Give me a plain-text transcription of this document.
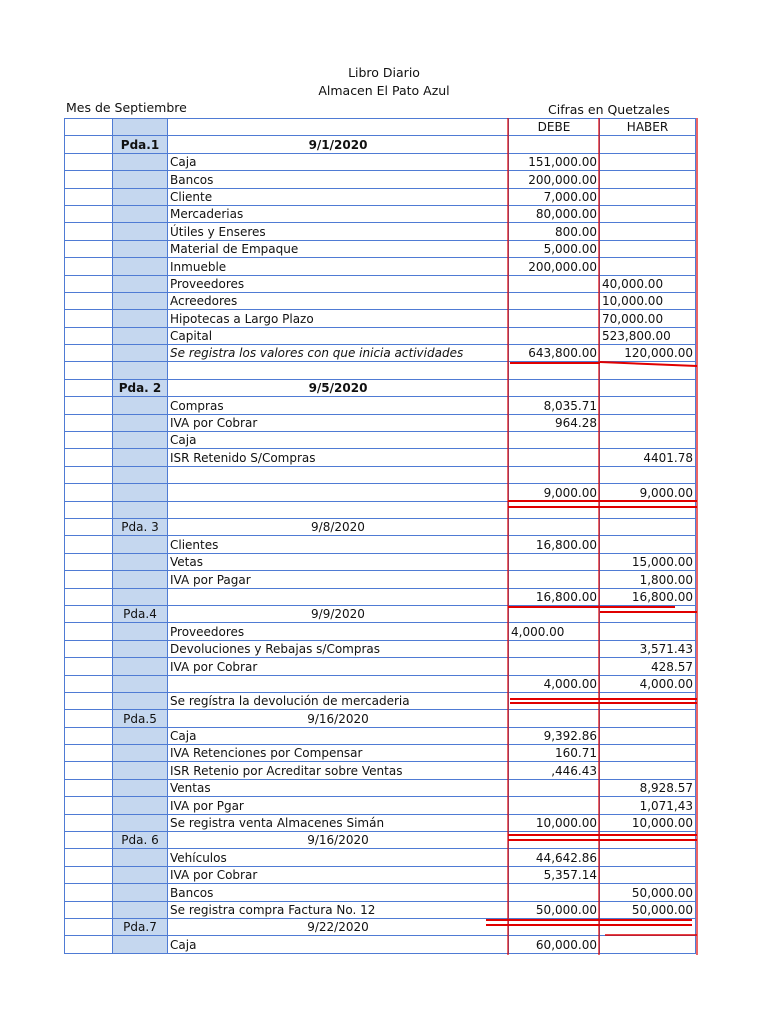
Libro Diario
Almacen El Pato Azul
Mes de Septiembre	Cifras en Quetzales
			DEBE	HABER
	Pda.1	9/1/2020		
		Caja	151,000.00	
		Bancos	200,000.00	
		Cliente	7,000.00	
		Mercaderias	80,000.00	
		Útiles y Enseres	800.00	
		Material de Empaque	5,000.00	
		Inmueble	200,000.00	
		Proveedores		40,000.00
		Acreedores		10,000.00
		Hipotecas a Largo Plazo		70,000.00
		Capital		523,800.00
		Se registra los valores con que inicia actividades	643,800.00	120,000.00

	Pda. 2	9/5/2020		
		Compras	8,035.71	
		IVA por Cobrar	964.28	
		Caja		
		ISR Retenido S/Compras		4401.78

			9,000.00	9,000.00

	Pda. 3	9/8/2020		
		Clientes	16,800.00	
		Vetas		15,000.00
		IVA por Pagar		1,800.00
			16,800.00	16,800.00
	Pda.4	9/9/2020		
		Proveedores	4,000.00	
		Devoluciones y Rebajas s/Compras		3,571.43
		IVA por Cobrar		428.57
			4,000.00	4,000.00
		Se regístra la devolución de mercaderia		
	Pda.5	9/16/2020		
		Caja	9,392.86	
		IVA Retenciones por Compensar	160.71	
		ISR Retenio por Acreditar sobre Ventas	,446.43	
		Ventas		8,928.57
		IVA por Pgar		1,071,43
		Se registra venta Almacenes Simán	10,000.00	10,000.00
	Pda. 6	9/16/2020		
		Vehículos	44,642.86	
		IVA por Cobrar	5,357.14	
		Bancos		50,000.00
		Se registra compra Factura No. 12	50,000.00	50,000.00
	Pda.7	9/22/2020		
		Caja	60,000.00	
